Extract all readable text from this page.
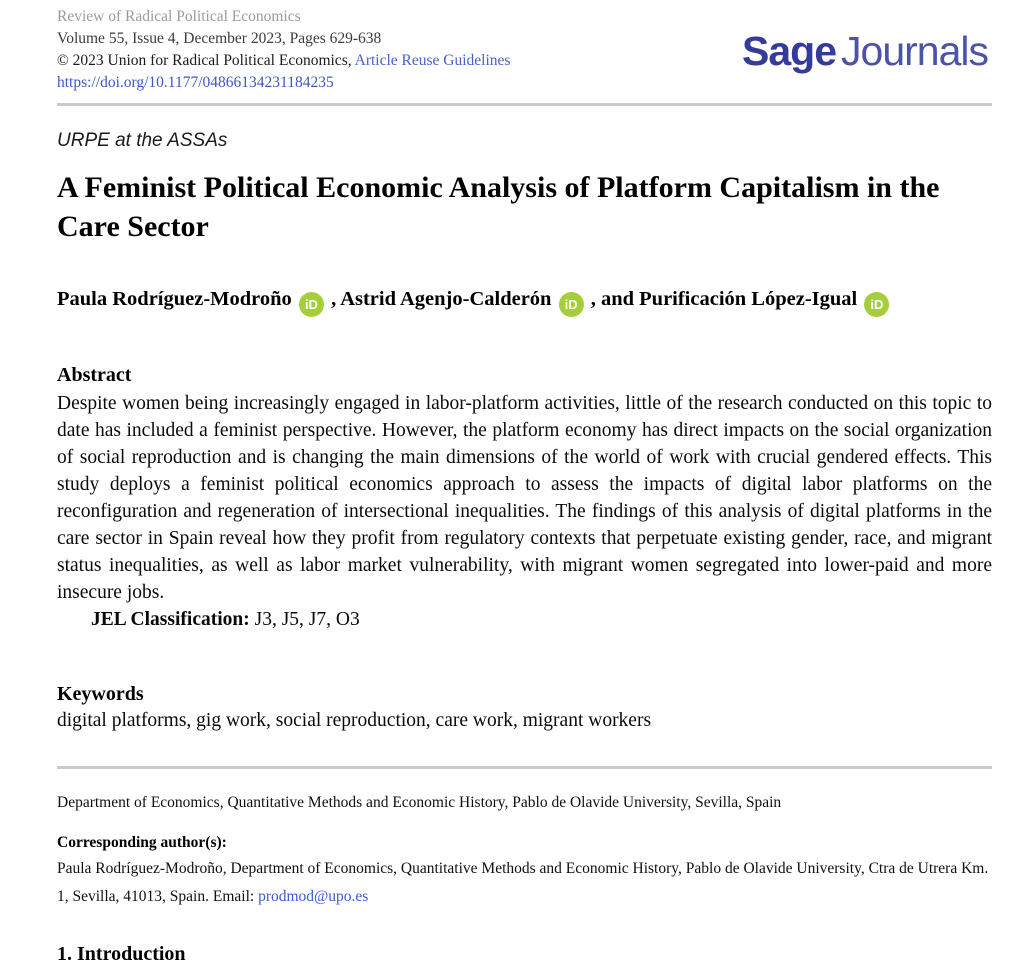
Review of Radical Political Economics
Volume 55, Issue 4, December 2023, Pages 629-638
© 2023 Union for Radical Political Economics, Article Reuse Guidelines
https://doi.org/10.1177/04866134231184235
Sage Journals
URPE at the ASSAs
A Feminist Political Economic Analysis of Platform Capitalism in the Care Sector
Paula Rodríguez-Modroño iD , Astrid Agenjo-Calderón iD , and Purificación López-Igual iD
Abstract
Despite women being increasingly engaged in labor-platform activities, little of the research conducted on this topic to date has included a feminist perspective. However, the platform economy has direct impacts on the social organization of social reproduction and is changing the main dimensions of the world of work with crucial gendered effects. This study deploys a feminist political economics approach to assess the impacts of digital labor platforms on the reconfiguration and regeneration of intersectional inequalities. The findings of this analysis of digital platforms in the care sector in Spain reveal how they profit from regulatory contexts that perpetuate existing gender, race, and migrant status inequalities, as well as labor market vulnerability, with migrant women segregated into lower-paid and more insecure jobs.
JEL Classification: J3, J5, J7, O3
Keywords
digital platforms, gig work, social reproduction, care work, migrant workers
Department of Economics, Quantitative Methods and Economic History, Pablo de Olavide University, Sevilla, Spain
Corresponding author(s):
Paula Rodríguez-Modroño, Department of Economics, Quantitative Methods and Economic History, Pablo de Olavide University, Ctra de Utrera Km. 1, Sevilla, 41013, Spain. Email: prodmod@upo.es
1. Introduction
